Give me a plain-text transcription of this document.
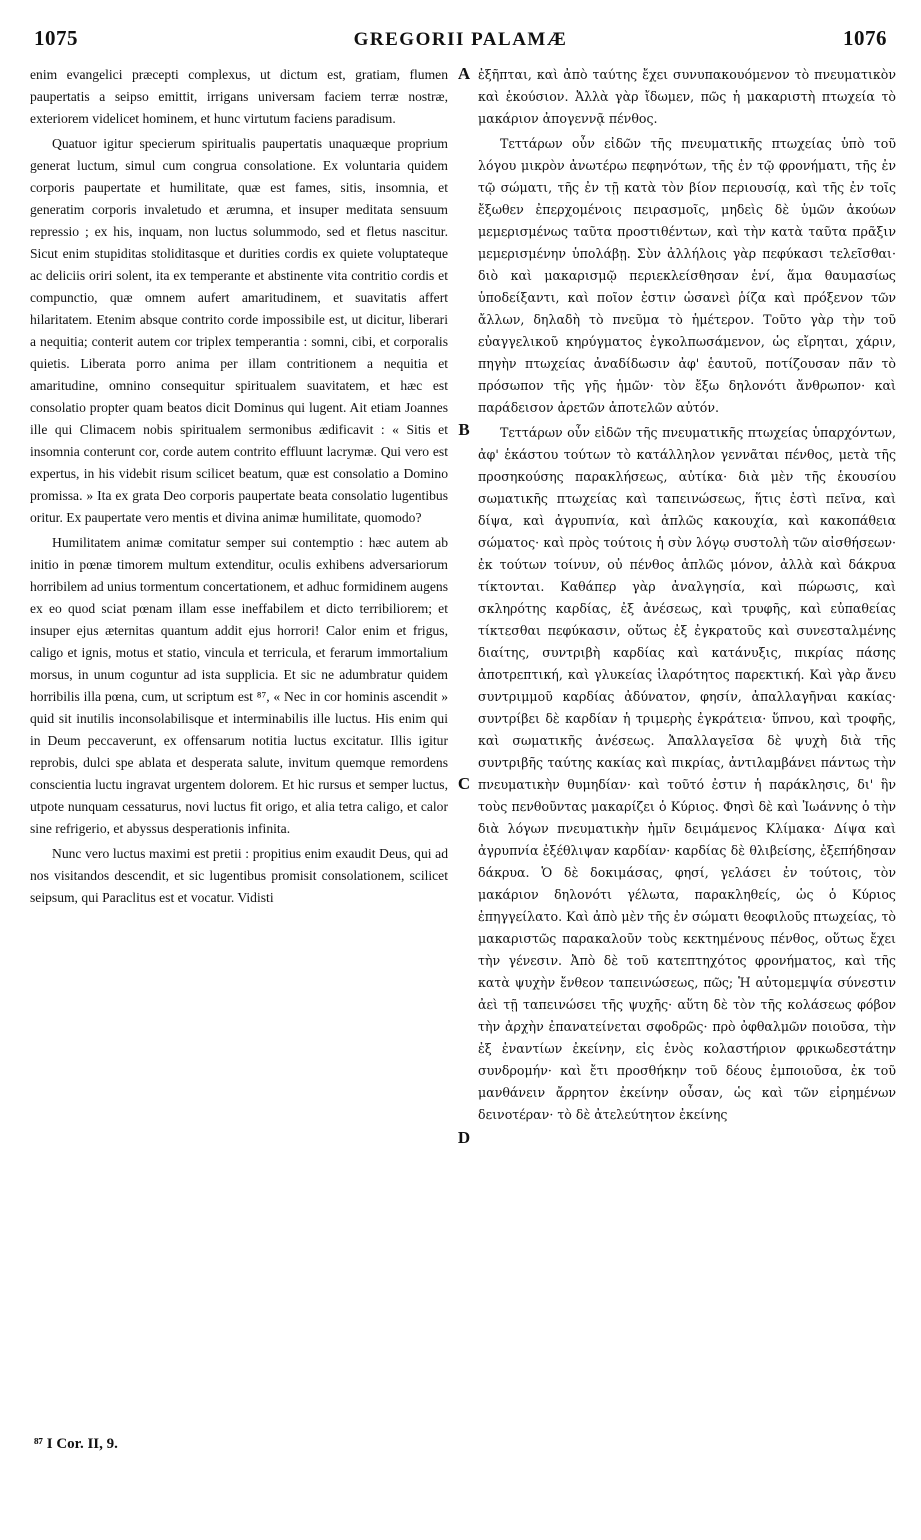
1075	GREGORII PALAMÆ	1076

enim evangelici præcepti complexus, ut dictum est, gratiam, flumen paupertatis a seipso emittit, irrigans universam faciem terræ nostræ, exteriorem videlicet hominem, et hunc virtutum faciens paradisum.

Quatuor igitur specierum spiritualis paupertatis unaquæque proprium generat luctum, simul cum congrua consolatione. Ex voluntaria quidem corporis paupertate et humilitate, quæ est fames, sitis, insomnia, et generatim corporis invaletudo et ærumna, et insuper meditata sensuum repressio ; ex his, inquam, non luctus solummodo, sed et fletus nascitur. Sicut enim stupiditas stoliditasque et durities cordis ex quiete voluptateque ac deliciis oriri solent, ita ex temperante et abstinente vita contritio cordis et compunctio, quæ omnem aufert amaritudinem, et suavitatis affert hilaritatem. Etenim absque contrito corde impossibile est, ut dicitur, liberari a nequitia; conterit autem cor triplex temperantia : somni, cibi, et corporalis quietis. Liberata porro anima per illam contritionem a nequitia et amaritudine, omnino consequitur spiritualem suavitatem, et hæc est consolatio propter quam beatos dicit Dominus qui lugent. Ait etiam Joannes ille qui Climacem nobis spiritualem sermonibus ædificavit : « Sitis et insomnia conterunt cor, corde autem contrito effluunt lacrymæ. Qui vero est expertus, in his videbit risum scilicet beatum, quæ est consolatio a Domino promissa. » Ita ex grata Deo corporis paupertate beata consolatio lugentibus oritur. Ex paupertate vero mentis et divina animæ humilitate, quomodo?

Humilitatem animæ comitatur semper sui contemptio : hæc autem ab initio in pœnæ timorem multum extenditur, oculis exhibens adversariorum horribilem ad unius tormentum concertationem, et adhuc formidinem augens ex eo quod sciat pœnam illam esse ineffabilem et dicto terribiliorem; et insuper ejus æternitas quantum addit ejus horrori! Calor enim et frigus, caligo et ignis, motus et statio, vincula et terricula, et ferarum immortalium morsus, in unum coguntur ad ista supplicia. Et sic ne adumbratur quidem horribilis illa pœna, cum, ut scriptum est ⁸⁷, « Nec in cor hominis ascendit » quid sit inutilis inconsolabilisque et interminabilis ille luctus. His enim qui in Deum peccaverunt, ex offensarum notitia luctus excitatur. Illis igitur reprobis, dulci spe ablata et desperata salute, invitum quemque remordens conscientia luctu ingravat urgentem dolorem. Et hic rursus et semper luctus, utpote nunquam cessaturus, novi luctus fit origo, et alia tetra caligo, et calor sine refrigerio, et abyssus desperationis infinita.

Nunc vero luctus maximi est pretii : propitius enim exaudit Deus, qui ad nos visitandos descendit, et sic lugentibus promisit consolationem, scilicet seipsum, qui Paraclitus est et vocatur. Vidisti

A
B
C
D

ἐξῆπται, καὶ ἀπὸ ταύτης ἔχει συνυπακουόμενον τὸ πνευματικὸν καὶ ἑκούσιον. Ἀλλὰ γὰρ ἴδωμεν, πῶς ἡ μακαριστὴ πτωχεία τὸ μακάριον ἀπογεννᾷ πένθος.

Τεττάρων οὖν εἰδῶν τῆς πνευματικῆς πτωχείας ὑπὸ τοῦ λόγου μικρὸν ἀνωτέρω πεφηνότων, τῆς ἐν τῷ φρονήματι, τῆς ἐν τῷ σώματι, τῆς ἐν τῇ κατὰ τὸν βίον περιουσίᾳ, καὶ τῆς ἐν τοῖς ἔξωθεν ἐπερχομένοις πειρασμοῖς, μηδεὶς δὲ ὑμῶν ἀκούων μεμερισμένως ταῦτα προστιθέντων, καὶ τὴν κατὰ ταῦτα πρᾶξιν μεμερισμένην ὑπολάβῃ. Σὺν ἀλλήλοις γὰρ πεφύκασι τελεῖσθαι· διὸ καὶ μακαρισμῷ περιεκλείσθησαν ἑνί, ἅμα θαυμασίως ὑποδείξαντι, καὶ ποῖον ἐστιν ὡσανεὶ ῥίζα καὶ πρόξενον τῶν ἄλλων, δηλαδὴ τὸ πνεῦμα τὸ ἡμέτερον. Τοῦτο γὰρ τὴν τοῦ εὐαγγελικοῦ κηρύγματος ἐγκολπωσάμενον, ὡς εἴρηται, χάριν, πηγὴν πτωχείας ἀναδίδωσιν ἀφ' ἑαυτοῦ, ποτίζουσαν πᾶν τὸ πρόσωπον τῆς γῆς ἡμῶν· τὸν ἔξω δηλονότι ἄνθρωπον· καὶ παράδεισον ἀρετῶν ἀποτελῶν αὐτόν.

Τεττάρων οὖν εἰδῶν τῆς πνευματικῆς πτωχείας ὑπαρχόντων, ἀφ' ἑκάστου τούτων τὸ κατάλληλον γεννᾶται πένθος, μετὰ τῆς προσηκούσης παρακλήσεως, αὐτίκα· διὰ μὲν τῆς ἑκουσίου σωματικῆς πτωχείας καὶ ταπεινώσεως, ἥτις ἐστὶ πεῖνα, καὶ δίψα, καὶ ἀγρυπνία, καὶ ἁπλῶς κακουχία, καὶ κακοπάθεια σώματος· καὶ πρὸς τούτοις ἡ σὺν λόγῳ συστολὴ τῶν αἰσθήσεων· ἐκ τούτων τοίνυν, οὐ πένθος ἁπλῶς μόνον, ἀλλὰ καὶ δάκρυα τίκτονται. Καθάπερ γὰρ ἀναλγησία, καὶ πώρωσις, καὶ σκληρότης καρδίας, ἐξ ἀνέσεως, καὶ τρυφῆς, καὶ εὐπαθείας τίκτεσθαι πεφύκασιν, οὕτως ἐξ ἐγκρατοῦς καὶ συνεσταλμένης διαίτης, συντριβὴ καρδίας καὶ κατάνυξις, πικρίας πάσης ἀποτρεπτική, καὶ γλυκείας ἱλαρότητος παρεκτική. Καὶ γὰρ ἄνευ συντριμμοῦ καρδίας ἀδύνατον, φησίν, ἀπαλλαγῆναι κακίας· συντρίβει δὲ καρδίαν ἡ τριμερὴς ἐγκράτεια· ὕπνου, καὶ τροφῆς, καὶ σωματικῆς ἀνέσεως. Ἀπαλλαγεῖσα δὲ ψυχὴ διὰ τῆς συντριβῆς ταύτης κακίας καὶ πικρίας, ἀντιλαμβάνει πάντως τὴν πνευματικὴν θυμηδίαν· καὶ τοῦτό ἐστιν ἡ παράκλησις, δι' ἣν τοὺς πενθοῦντας μακαρίζει ὁ Κύριος. Φησὶ δὲ καὶ Ἰωάννης ὁ τὴν διὰ λόγων πνευματικὴν ἡμῖν δειμάμενος Κλίμακα· Δίψα καὶ ἀγρυπνία ἐξέθλιψαν καρδίαν· καρδίας δὲ θλιβείσης, ἐξεπήδησαν δάκρυα. Ὁ δὲ δοκιμάσας, φησί, γελάσει ἐν τούτοις, τὸν μακάριον δηλονότι γέλωτα, παρακληθείς, ὡς ὁ Κύριος ἐπηγγείλατο. Καὶ ἀπὸ μὲν τῆς ἐν σώματι θεοφιλοῦς πτωχείας, τὸ μακαριστῶς παρακαλοῦν τοὺς κεκτημένους πένθος, οὕτως ἔχει τὴν γένεσιν. Ἀπὸ δὲ τοῦ κατεπτηχότος φρονήματος, καὶ τῆς κατὰ ψυχὴν ἔνθεον ταπεινώσεως, πῶς; Ἡ αὐτομεμψία σύνεστιν ἀεὶ τῇ ταπεινώσει τῆς ψυχῆς· αὕτη δὲ τὸν τῆς κολάσεως φόβον τὴν ἀρχὴν ἐπανατείνεται σφοδρῶς· πρὸ ὀφθαλμῶν ποιοῦσα, τὴν ἐξ ἐναντίων ἐκείνην, εἰς ἑνὸς κολαστήριον φρικωδεστάτην συνδρομήν· καὶ ἔτι προσθήκην τοῦ δέους ἐμποιοῦσα, ἐκ τοῦ μανθάνειν ἄρρητον ἐκείνην οὖσαν, ὡς καὶ τῶν εἰρημένων δεινοτέραν· τὸ δὲ ἀτελεύτητον ἐκείνης

⁸⁷ I Cor. II, 9.
